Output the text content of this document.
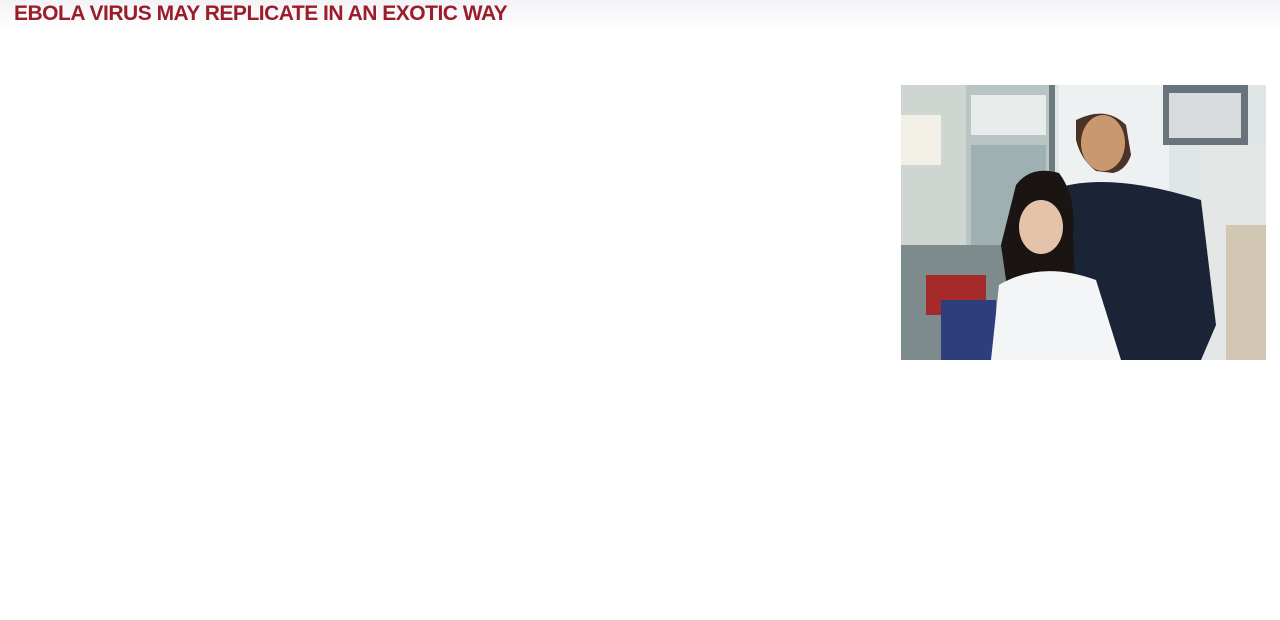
EBOLA VIRUS MAY REPLICATE IN AN EXOTIC WAY
